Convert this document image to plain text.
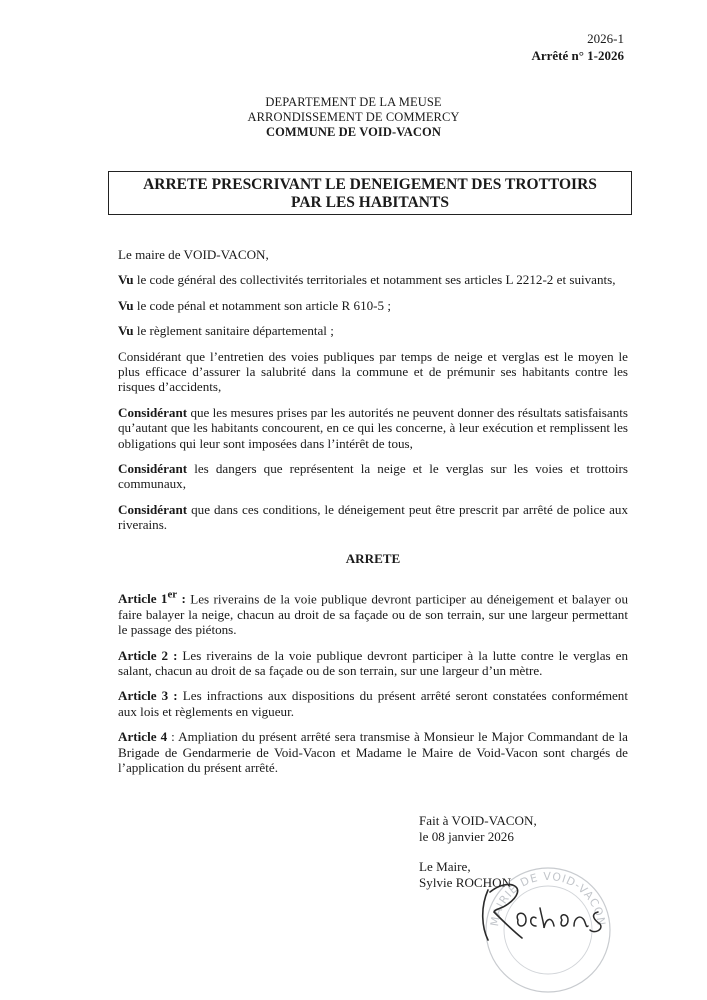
2026-1
Arrêté n° 1-2026
DEPARTEMENT DE LA MEUSE
ARRONDISSEMENT DE COMMERCY
COMMUNE DE VOID-VACON
ARRETE PRESCRIVANT LE DENEIGEMENT DES TROTTOIRS
PAR LES HABITANTS

Le maire de VOID-VACON,

Vu le code général des collectivités territoriales et notamment ses articles L 2212-2 et suivants,

Vu le code pénal et notamment son article R 610-5 ;

Vu le règlement sanitaire départemental ;

Considérant que l’entretien des voies publiques par temps de neige et verglas est le moyen le plus efficace d’assurer la salubrité dans la commune et de prémunir ses habitants contre les risques d’accidents,

Considérant que les mesures prises par les autorités ne peuvent donner des résultats satisfaisants qu’autant que les habitants concourent, en ce qui les concerne, à leur exécution et remplissent les obligations qui leur sont imposées dans l’intérêt de tous,

Considérant les dangers que représentent la neige et le verglas sur les voies et trottoirs communaux,

Considérant que dans ces conditions, le déneigement peut être prescrit par arrêté de police aux riverains.

ARRETE

Article 1er : Les riverains de la voie publique devront participer au déneigement et balayer ou faire balayer la neige, chacun au droit de sa façade ou de son terrain, sur une largeur permettant le passage des piétons.

Article 2 : Les riverains de la voie publique devront participer à la lutte contre le verglas en salant, chacun au droit de sa façade ou de son terrain, sur une largeur d’un mètre.

Article 3 : Les infractions aux dispositions du présent arrêté seront constatées conformément aux lois et règlements en vigueur.

Article 4 : Ampliation du présent arrêté sera transmise à Monsieur le Major Commandant de la Brigade de Gendarmerie de Void-Vacon et Madame le Maire de Void-Vacon sont chargés de l’application du présent arrêté.

Fait à VOID-VACON,
le 08 janvier 2026
Le Maire,
Sylvie ROCHON
MAIRIE DE VOID-VACON
